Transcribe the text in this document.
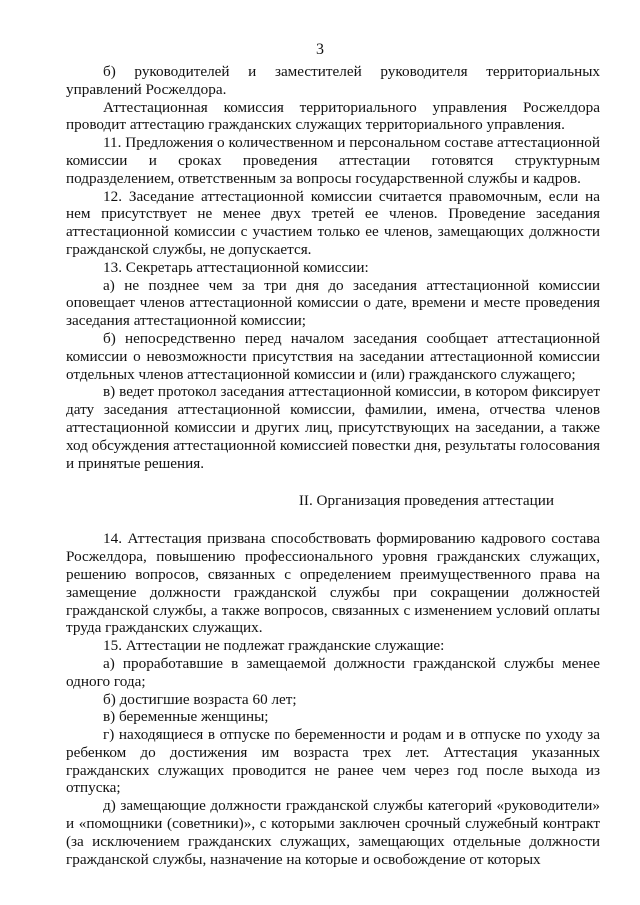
3

б) руководителей и заместителей руководителя территориальных управлений Росжелдора.

Аттестационная комиссия территориального управления Росжелдора проводит аттестацию гражданских служащих территориального управления.

11. Предложения о количественном и персональном составе аттестационной комиссии и сроках проведения аттестации готовятся структурным подразделением, ответственным за вопросы государственной службы и кадров.

12. Заседание аттестационной комиссии считается правомочным, если на нем присутствует не менее двух третей ее членов. Проведение заседания аттестационной комиссии с участием только ее членов, замещающих должности гражданской службы, не допускается.

13. Секретарь аттестационной комиссии:

а) не позднее чем за три дня до заседания аттестационной комиссии оповещает членов аттестационной комиссии о дате, времени и месте проведения заседания аттестационной комиссии;

б) непосредственно перед началом заседания сообщает аттестационной комиссии о невозможности присутствия на заседании аттестационной комиссии отдельных членов аттестационной комиссии и (или) гражданского служащего;

в) ведет протокол заседания аттестационной комиссии, в котором фиксирует дату заседания аттестационной комиссии, фамилии, имена, отчества членов аттестационной комиссии и других лиц, присутствующих на заседании, а также ход обсуждения аттестационной комиссией повестки дня, результаты голосования и принятые решения.

II. Организация проведения аттестации

14. Аттестация призвана способствовать формированию кадрового состава Росжелдора, повышению профессионального уровня гражданских служащих, решению вопросов, связанных с определением преимущественного права на замещение должности гражданской службы при сокращении должностей гражданской службы, а также вопросов, связанных с изменением условий оплаты труда гражданских служащих.

15. Аттестации не подлежат гражданские служащие:

а) проработавшие в замещаемой должности гражданской службы менее одного года;

б) достигшие возраста 60 лет;

в) беременные женщины;

г) находящиеся в отпуске по беременности и родам и в отпуске по уходу за ребенком до достижения им возраста трех лет. Аттестация указанных гражданских служащих проводится не ранее чем через год после выхода из отпуска;

д) замещающие должности гражданской службы категорий «руководители» и «помощники (советники)», с которыми заключен срочный служебный контракт (за исключением гражданских служащих, замещающих отдельные должности гражданской службы, назначение на которые и освобождение от которых
